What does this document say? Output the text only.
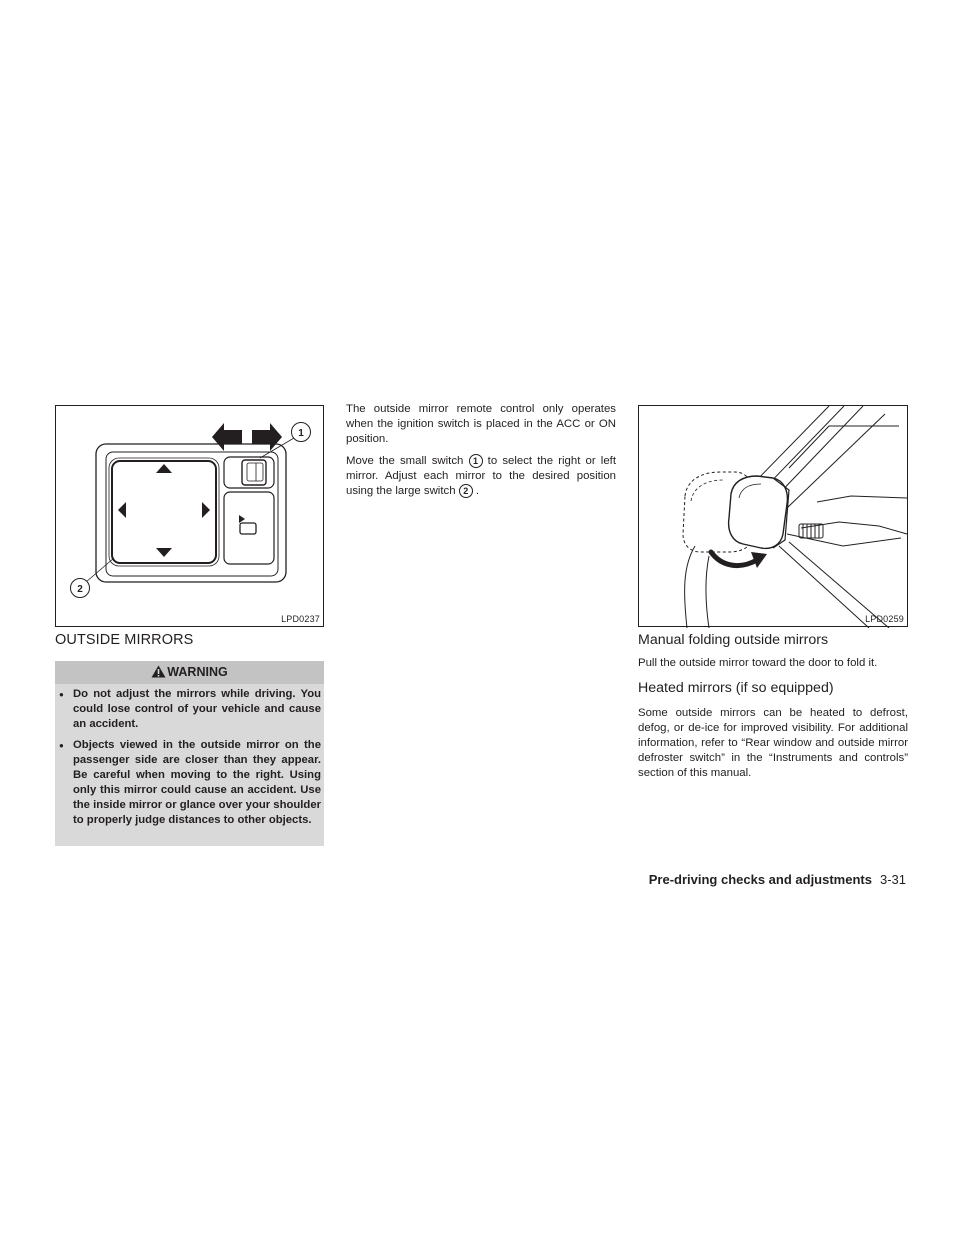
1
2
LPD0237
OUTSIDE MIRRORS
WARNING
● Do not adjust the mirrors while driving. You could lose control of your vehicle and cause an accident.
● Objects viewed in the outside mirror on the passenger side are closer than they appear. Be careful when moving to the right. Using only this mirror could cause an accident. Use the inside mirror or glance over your shoulder to properly judge distances to other objects.

The outside mirror remote control only operates when the ignition switch is placed in the ACC or ON position.

Move the small switch 1 to select the right or left mirror. Adjust each mirror to the desired position using the large switch 2 .

LPD0259
Manual folding outside mirrors

Pull the outside mirror toward the door to fold it.

Heated mirrors (if so equipped)

Some outside mirrors can be heated to defrost, defog, or de-ice for improved visibility. For additional information, refer to “Rear window and outside mirror defroster switch” in the “Instruments and controls” section of this manual.

Pre-driving checks and adjustments 3-31
